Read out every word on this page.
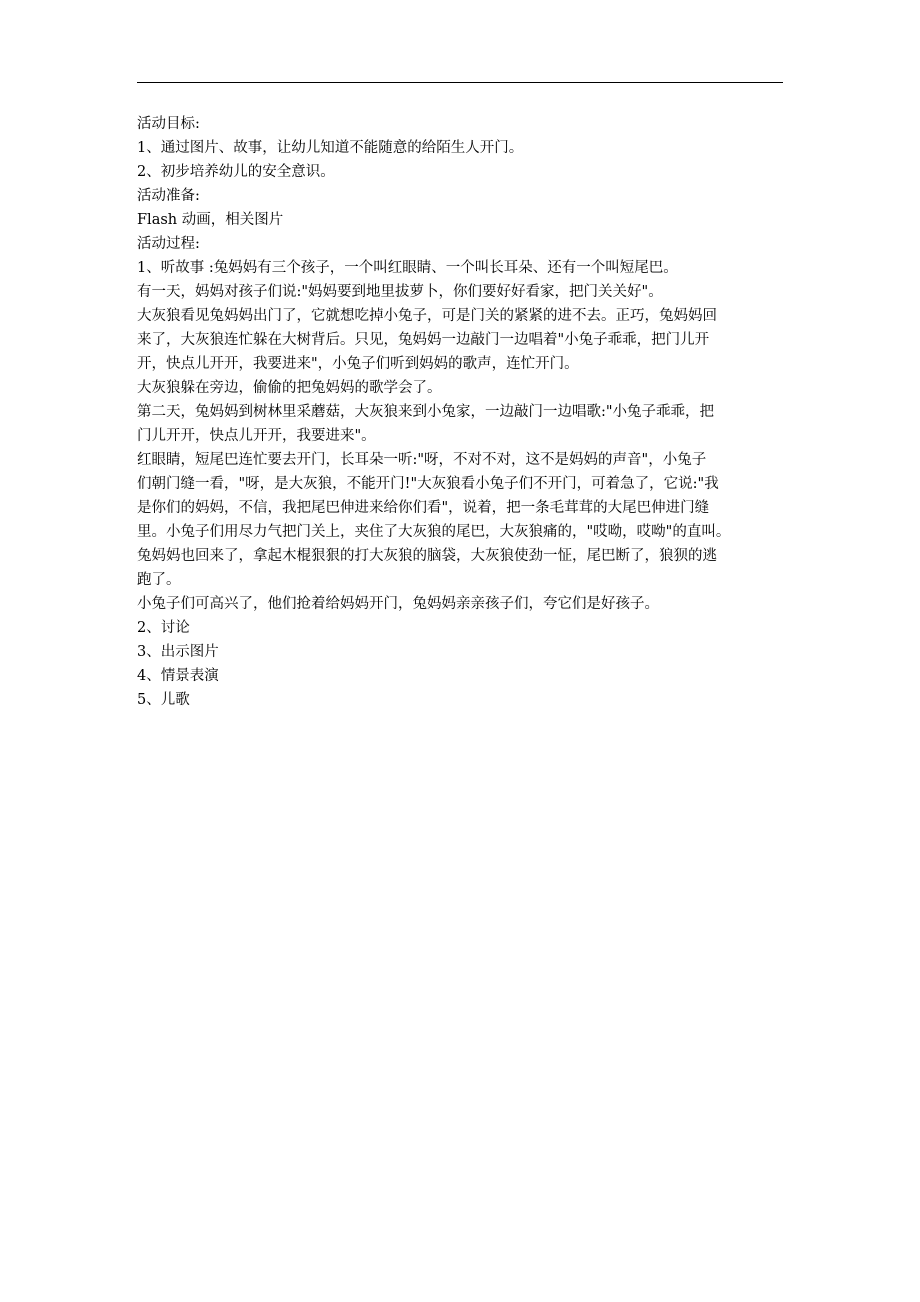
活动目标:

1、通过图片、故事，让幼儿知道不能随意的给陌生人开门。

2、初步培养幼儿的安全意识。

活动准备:

Flash 动画，相关图片

活动过程:

1、听故事 :兔妈妈有三个孩子，一个叫红眼睛、一个叫长耳朵、还有一个叫短尾巴。

有一天，妈妈对孩子们说:"妈妈要到地里拔萝卜，你们要好好看家，把门关关好"。

大灰狼看见兔妈妈出门了，它就想吃掉小兔子，可是门关的紧紧的进不去。正巧，兔妈妈回

来了，大灰狼连忙躲在大树背后。只见，兔妈妈一边敲门一边唱着"小兔子乖乖，把门儿开

开，快点儿开开，我要进来"，小兔子们听到妈妈的歌声，连忙开门。

大灰狼躲在旁边，偷偷的把兔妈妈的歌学会了。

第二天，兔妈妈到树林里采蘑菇，大灰狼来到小兔家，一边敲门一边唱歌:"小兔子乖乖，把

门儿开开，快点儿开开，我要进来"。

红眼睛，短尾巴连忙要去开门，长耳朵一听:"呀，不对不对，这不是妈妈的声音"，小兔子

们朝门缝一看，"呀，是大灰狼，不能开门!"大灰狼看小兔子们不开门，可着急了，它说:"我

是你们的妈妈，不信，我把尾巴伸进来给你们看"，说着，把一条毛茸茸的大尾巴伸进门缝

里。小兔子们用尽力气把门关上，夹住了大灰狼的尾巴，大灰狼痛的，"哎呦，哎呦"的直叫。

兔妈妈也回来了，拿起木棍狠狠的打大灰狼的脑袋，大灰狼使劲一怔，尾巴断了，狼狈的逃

跑了。

小兔子们可高兴了，他们抢着给妈妈开门，兔妈妈亲亲孩子们，夸它们是好孩子。

2、讨论

3、出示图片

4、情景表演

5、儿歌
